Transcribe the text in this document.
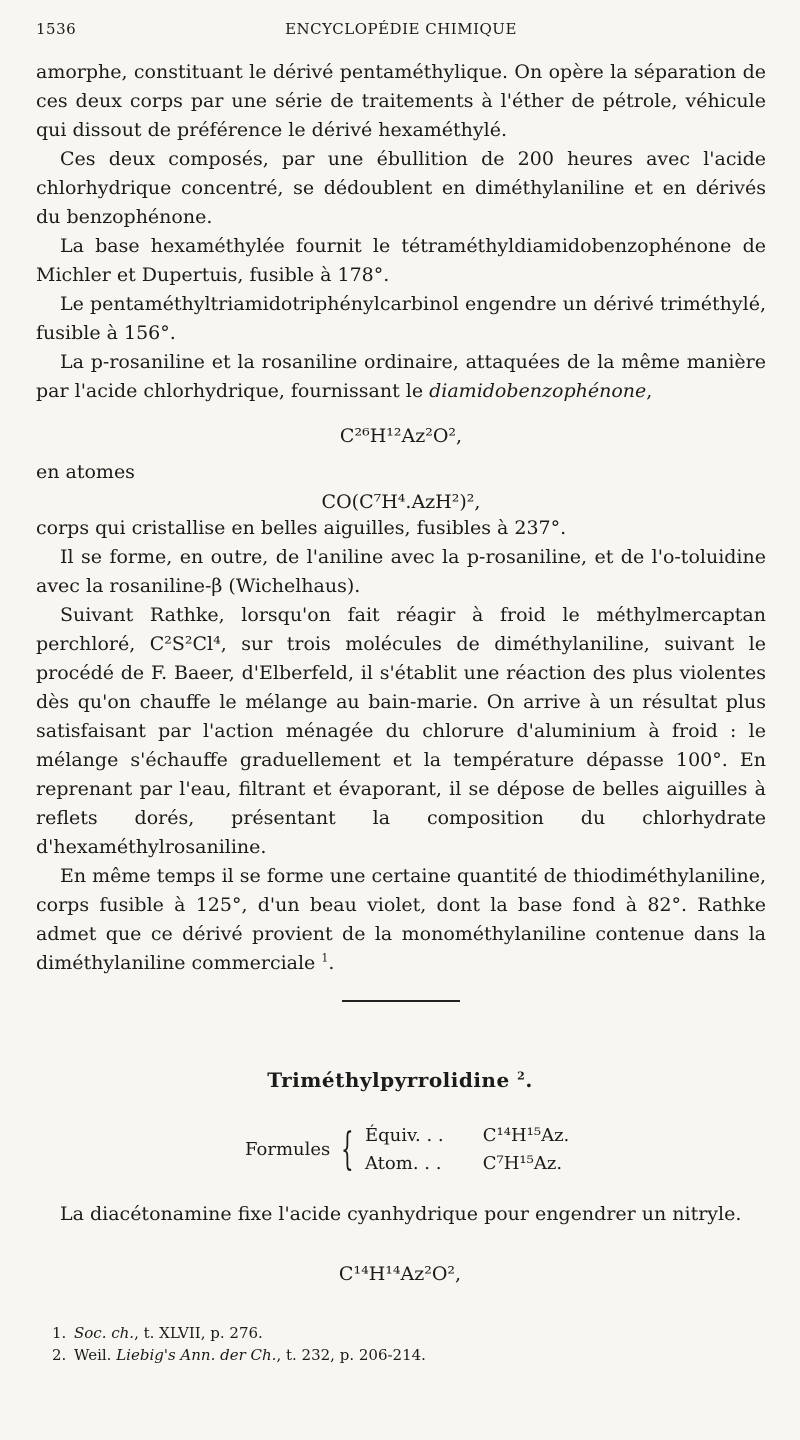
1536	ENCYCLOPÉDIE CHIMIQUE

amorphe, constituant le dérivé pentaméthylique. On opère la séparation de ces deux corps par une série de traitements à l'éther de pétrole, véhicule qui dissout de préférence le dérivé hexaméthylé.

Ces deux composés, par une ébullition de 200 heures avec l'acide chlorhydrique concentré, se dédoublent en diméthylaniline et en dérivés du benzophénone.

La base hexaméthylée fournit le tétraméthyldiamidobenzophénone de Michler et Dupertuis, fusible à 178°.

Le pentaméthyltriamidotriphénylcarbinol engendre un dérivé triméthylé, fusible à 156°.

La p-rosaniline et la rosaniline ordinaire, attaquées de la même manière par l'acide chlorhydrique, fournissant le diamidobenzophénone,

C²⁶H¹²Az²O²,
en atomes
CO(C⁷H⁴.AzH²)²,

corps qui cristallise en belles aiguilles, fusibles à 237°.

Il se forme, en outre, de l'aniline avec la p-rosaniline, et de l'o-toluidine avec la rosaniline-β (Wichelhaus).

Suivant Rathke, lorsqu'on fait réagir à froid le méthylmercaptan perchloré, C²S²Cl⁴, sur trois molécules de diméthylaniline, suivant le procédé de F. Baeer, d'Elberfeld, il s'établit une réaction des plus violentes dès qu'on chauffe le mélange au bain-marie. On arrive à un résultat plus satisfaisant par l'action ménagée du chlorure d'aluminium à froid : le mélange s'échauffe graduellement et la température dépasse 100°. En reprenant par l'eau, filtrant et évaporant, il se dépose de belles aiguilles à reflets dorés, présentant la composition du chlorhydrate d'hexaméthylrosaniline.

En même temps il se forme une certaine quantité de thiodiméthylaniline, corps fusible à 125°, d'un beau violet, dont la base fond à 82°. Rathke admet que ce dérivé provient de la monométhylaniline contenue dans la diméthylaniline commerciale $^1$.

Triméthylpyrrolidine $^2$.
Formules { Équiv. . . C¹⁴H¹⁵Az.
Atom. . . C⁷H¹⁵Az.
La diacétonamine fixe l'acide cyanhydrique pour engendrer un nitryle.
C¹⁴H¹⁴Az²O²,

1. Soc. ch., t. XLVII, p. 276.

2. Weil. Liebig's Ann. der Ch., t. 232, p. 206-214.
